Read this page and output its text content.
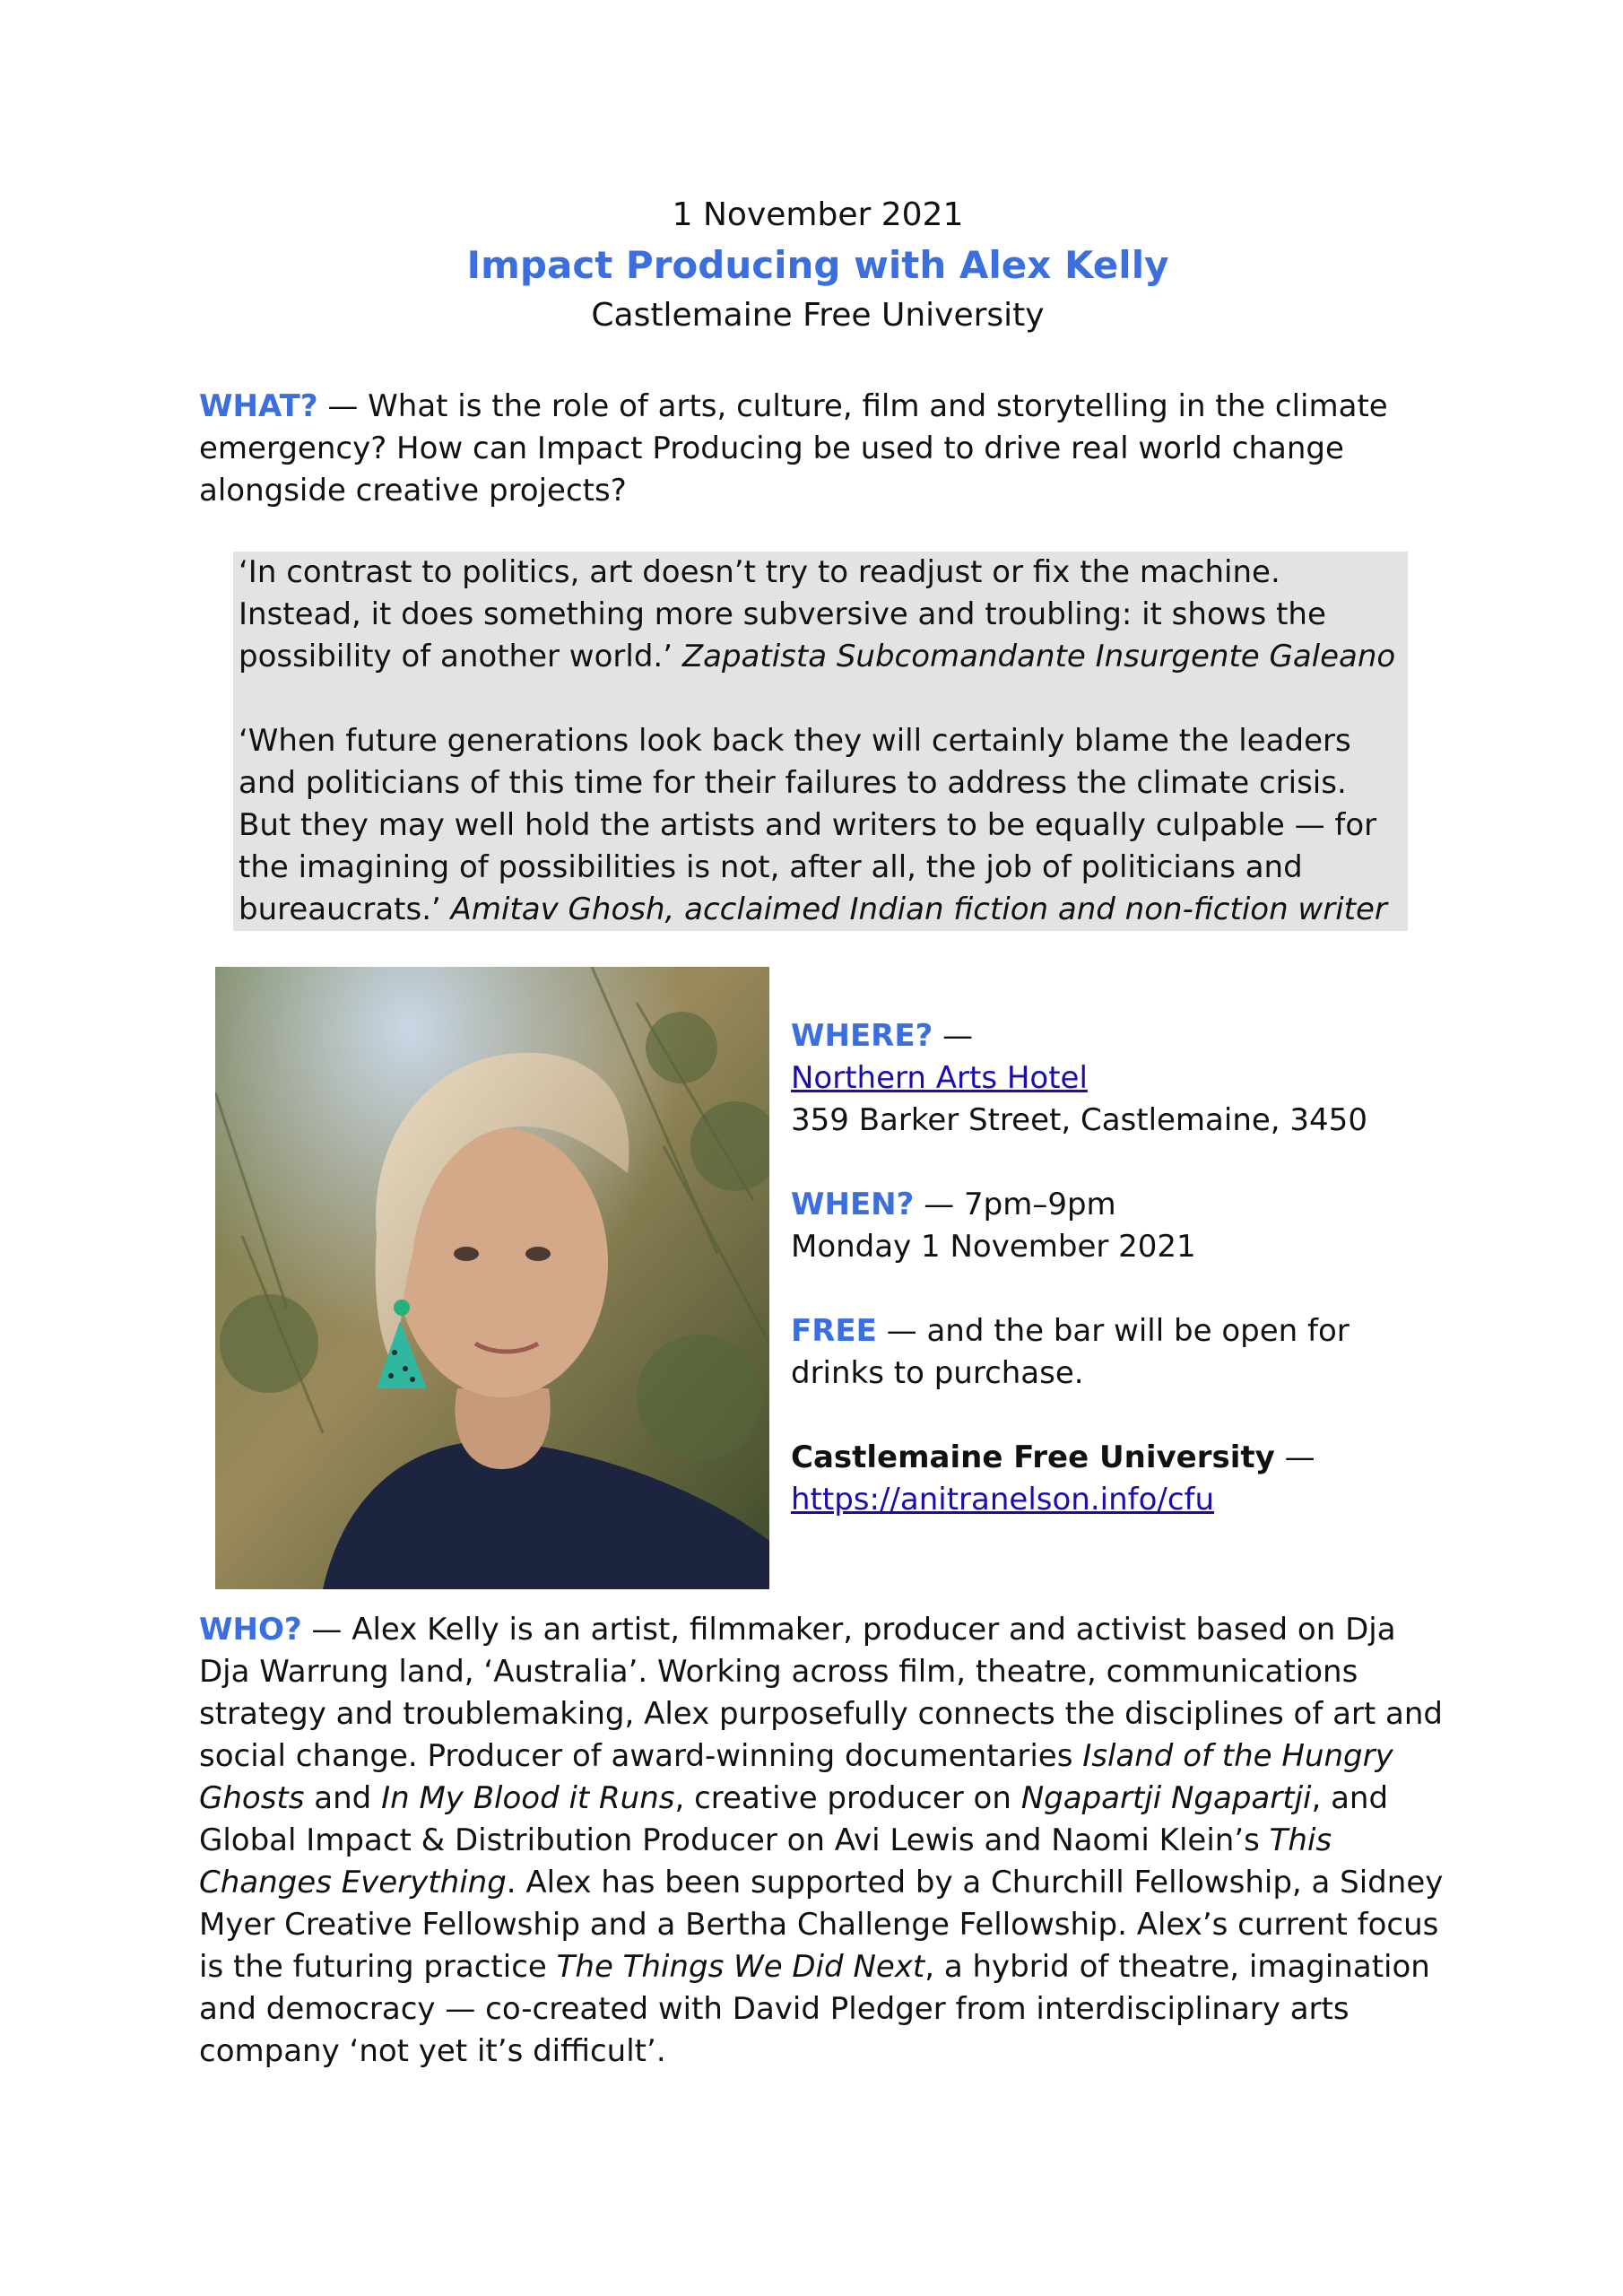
1 November 2021
Impact Producing with Alex Kelly
Castlemaine Free University

WHAT? — What is the role of arts, culture, film and storytelling in the climate emergency? How can Impact Producing be used to drive real world change alongside creative projects?

‘In contrast to politics, art doesn’t try to readjust or fix the machine. Instead, it does something more subversive and troubling: it shows the possibility of another world.’ Zapatista Subcomandante Insurgente Galeano

‘When future generations look back they will certainly blame the leaders and politicians of this time for their failures to address the climate crisis. But they may well hold the artists and writers to be equally culpable — for the imagining of possibilities is not, after all, the job of politicians and bureaucrats.’ Amitav Ghosh, acclaimed Indian fiction and non-fiction writer

WHERE? —
Northern Arts Hotel
359 Barker Street, Castlemaine, 3450
WHEN? — 7pm–9pm
Monday 1 November 2021
FREE — and the bar will be open for drinks to purchase.
Castlemaine Free University —
https://anitranelson.info/cfu

WHO? — Alex Kelly is an artist, filmmaker, producer and activist based on Dja Dja Warrung land, ‘Australia’. Working across film, theatre, communications strategy and troublemaking, Alex purposefully connects the disciplines of art and social change. Producer of award-winning documentaries Island of the Hungry Ghosts and In My Blood it Runs, creative producer on Ngapartji Ngapartji, and Global Impact & Distribution Producer on Avi Lewis and Naomi Klein’s This Changes Everything. Alex has been supported by a Churchill Fellowship, a Sidney Myer Creative Fellowship and a Bertha Challenge Fellowship. Alex’s current focus is the futuring practice The Things We Did Next, a hybrid of theatre, imagination and democracy — co-created with David Pledger from interdisciplinary arts company ‘not yet it’s difficult’.
